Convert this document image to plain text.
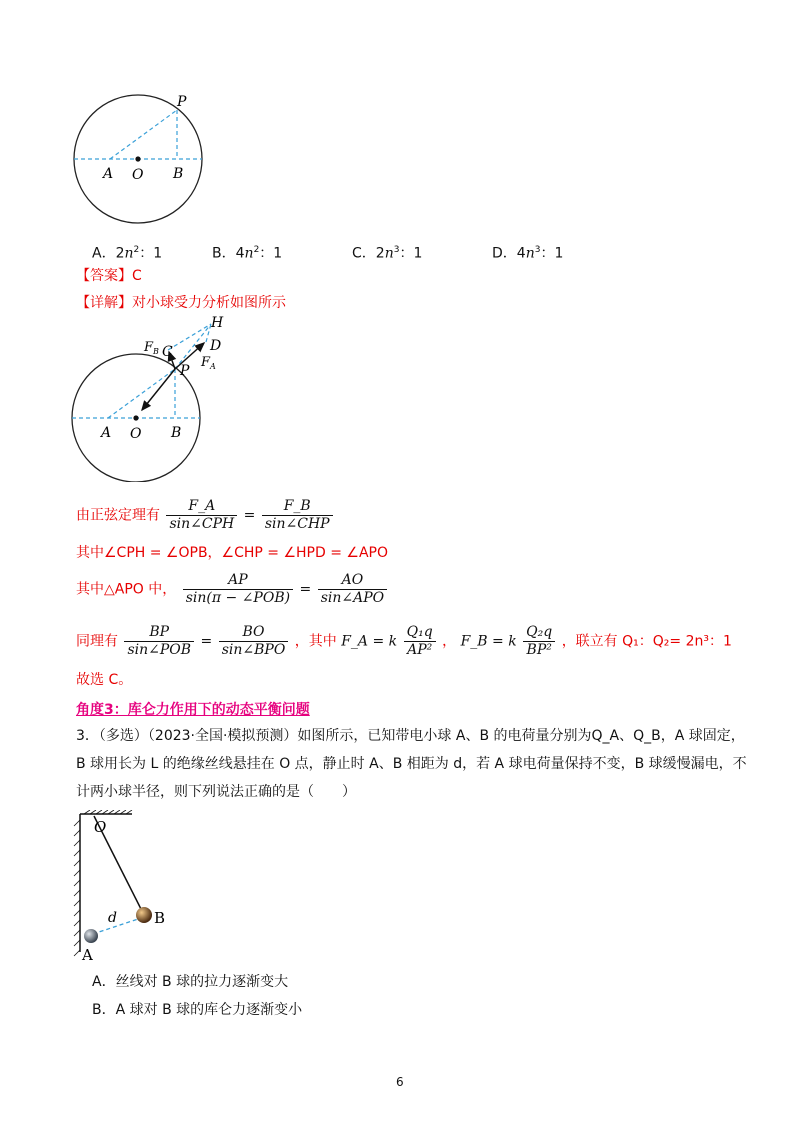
P
A O B
A．$2n^2$：1	B．$4n^2$：1	C．$2n^3$：1	D．$4n^3$：1
【答案】C
【详解】对小球受力分析如图所示
H
$F_B$ C	D
$F_A$
P
A O B
由正弦定理有 $\frac{F\_A}{\text{sin∠CPH}} = \frac{F\_B}{\text{sin∠CHP}}$
其中∠CPH = ∠OPB，∠CHP = ∠HPD = ∠APO
其中△APO 中， $\frac{AP}{\text{sin(π − ∠POB)}} = \frac{AO}{\text{sin∠APO}}$
同理有 $\frac{BP}{\text{sin∠POB}} = \frac{BO}{\text{sin∠BPO}}$ ，其中 F_A = k $\frac{\text{Q₁q}}{\text{AP²}}$ ， F_B = k $\frac{\text{Q₂q}}{\text{BP²}}$ ，联立有 Q₁：Q₂= 2n³：1
故选 C。
角度3：库仑力作用下的动态平衡问题
3．（多选）（2023·全国·模拟预测）如图所示，已知带电小球 A、B 的电荷量分别为Q_A、Q_B，A 球固定，
B 球用长为 L 的绝缘丝线悬挂在 O 点，静止时 A、B 相距为 d，若 A 球电荷量保持不变，B 球缓慢漏电，不
计两小球半径，则下列说法正确的是（　　）
O
d B
A
A．丝线对 B 球的拉力逐渐变大
B．A 球对 B 球的库仑力逐渐变小
6
